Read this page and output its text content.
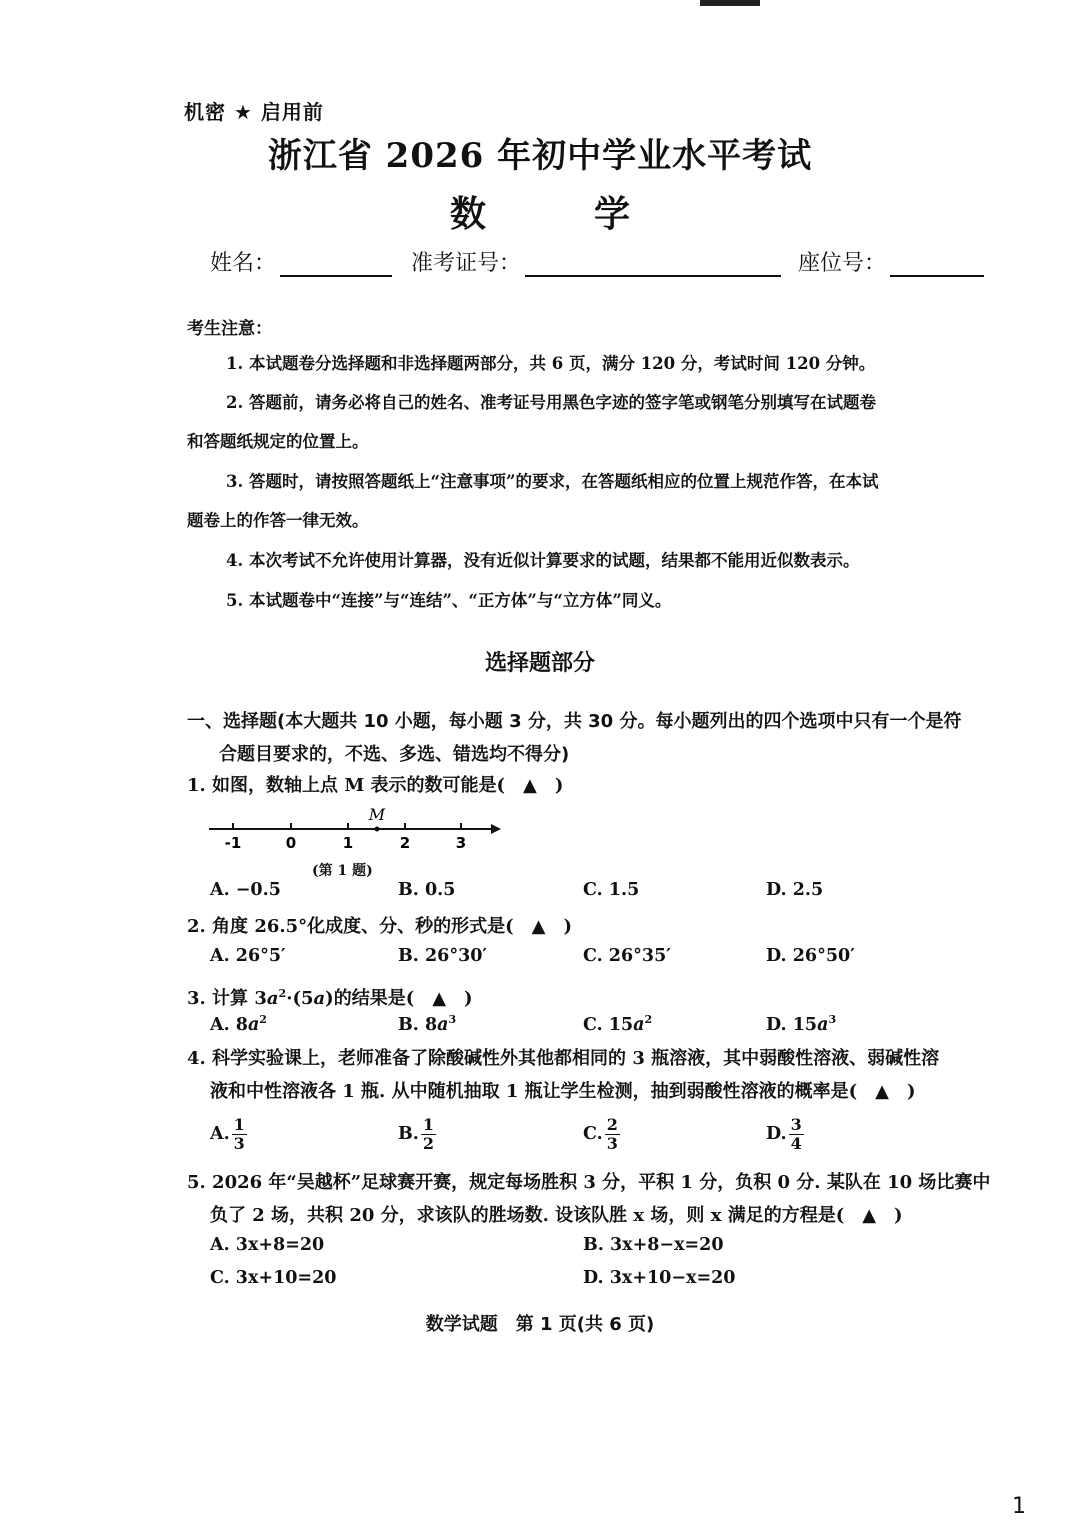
机密 ★ 启用前
浙江省 2026 年初中学业水平考试
数	学
姓名：	准考证号：	座位号：
考生注意：
1. 本试题卷分选择题和非选择题两部分，共 6 页，满分 120 分，考试时间 120 分钟。
2. 答题前，请务必将自己的姓名、准考证号用黑色字迹的签字笔或钢笔分别填写在试题卷
和答题纸规定的位置上。
3. 答题时，请按照答题纸上“注意事项”的要求，在答题纸相应的位置上规范作答，在本试
题卷上的作答一律无效。
4. 本次考试不允许使用计算器，没有近似计算要求的试题，结果都不能用近似数表示。
5. 本试题卷中“连接”与“连结”、“正方体”与“立方体”同义。
选择题部分
一、选择题(本大题共 10 小题，每小题 3 分，共 30 分。每小题列出的四个选项中只有一个是符
合题目要求的，不选、多选、错选均不得分)
1. 如图，数轴上点 M 表示的数可能是(　▲　)
M
-1	0	1	2	3
(第 1 题)
A. −0.5	B. 0.5	C. 1.5	D. 2.5
2. 角度 26.5°化成度、分、秒的形式是(　▲　)
A. 26°5′	B. 26°30′	C. 26°35′	D. 26°50′
3. 计算 $3a^2\cdot(5a)$的结果是(　▲　)
A. $8a^2$	B. $8a^3$	C. $15a^2$	D. $15a^3$
4. 科学实验课上，老师准备了除酸碱性外其他都相同的 3 瓶溶液，其中弱酸性溶液、弱碱性溶
液和中性溶液各 1 瓶. 从中随机抽取 1 瓶让学生检测，抽到弱酸性溶液的概率是(　▲　)
A. $\frac{1}{3}$	B. $\frac{1}{2}$	C. $\frac{2}{3}$	D. $\frac{3}{4}$
5. 2026 年“吴越杯”足球赛开赛，规定每场胜积 3 分，平积 1 分，负积 0 分. 某队在 10 场比赛中
负了 2 场，共积 20 分，求该队的胜场数. 设该队胜 x 场，则 x 满足的方程是(　▲　)
A. 3x+8=20	B. 3x+8−x=20
C. 3x+10=20	D. 3x+10−x=20
数学试题　第 1 页(共 6 页)
1
